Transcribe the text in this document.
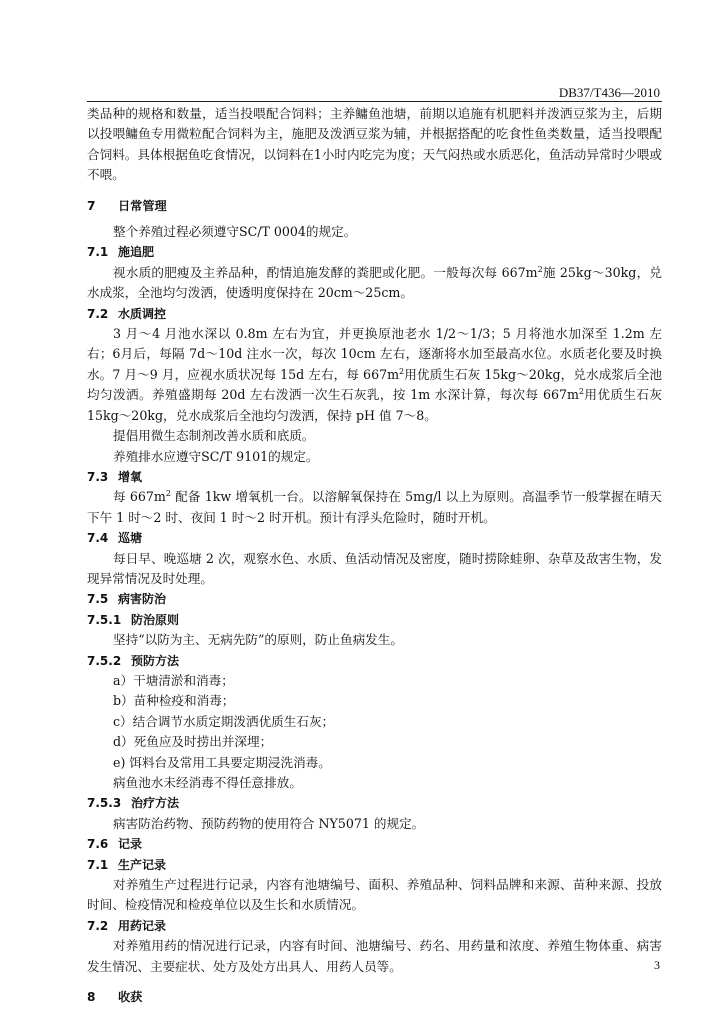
DB37/T436—2010

类品种的规格和数量，适当投喂配合饲料；主养鳙鱼池塘，前期以追施有机肥料并泼洒豆浆为主，后期以投喂鳙鱼专用微粒配合饲料为主，施肥及泼洒豆浆为辅，并根据搭配的吃食性鱼类数量，适当投喂配合饲料。具体根据鱼吃食情况，以饲料在1小时内吃完为度；天气闷热或水质恶化，鱼活动异常时少喂或不喂。

7 日常管理

整个养殖过程必须遵守SC/T 0004的规定。

7.1 施追肥

视水质的肥瘦及主养品种，酌情追施发酵的粪肥或化肥。一般每次每 $667m^2$施 25kg～30kg，兑水成浆，全池均匀泼洒，使透明度保持在 20cm～25cm。

7.2 水质调控

3 月～4 月池水深以 0.8m 左右为宜，并更换原池老水 1/2～1/3；5 月将池水加深至 1.2m 左右；6月后，每隔 7d～10d 注水一次，每次 10cm 左右，逐渐将水加至最高水位。水质老化要及时换水。7 月～9 月，应视水质状况每 15d 左右，每 $667m^2$用优质生石灰 15kg～20kg，兑水成浆后全池均匀泼洒。养殖盛期每 20d 左右泼洒一次生石灰乳，按 1m 水深计算，每次每 $667m^2$用优质生石灰 15kg～20kg，兑水成浆后全池均匀泼洒，保持 pH 值 7～8。

提倡用微生态制剂改善水质和底质。

养殖排水应遵守SC/T 9101的规定。

7.3 增氧

每 $667m^2$ 配备 1kw 增氧机一台。以溶解氧保持在 5mg/l 以上为原则。高温季节一般掌握在晴天下午 1 时～2 时、夜间 1 时～2 时开机。预计有浮头危险时，随时开机。

7.4 巡塘

每日早、晚巡塘 2 次，观察水色、水质、鱼活动情况及密度，随时捞除蛙卵、杂草及敌害生物，发现异常情况及时处理。

7.5 病害防治
7.5.1 防治原则

坚持“以防为主、无病先防”的原则，防止鱼病发生。

7.5.2 预防方法

a）干塘清淤和消毒；

b）苗种检疫和消毒；

c）结合调节水质定期泼洒优质生石灰；

d）死鱼应及时捞出并深埋；

e) 饵料台及常用工具要定期浸洗消毒。

病鱼池水未经消毒不得任意排放。

7.5.3 治疗方法

病害防治药物、预防药物的使用符合 NY5071 的规定。

7.6 记录
7.1 生产记录

对养殖生产过程进行记录，内容有池塘编号、面积、养殖品种、饲料品牌和来源、苗种来源、投放时间、检疫情况和检疫单位以及生长和水质情况。

7.2 用药记录

对养殖用药的情况进行记录，内容有时间、池塘编号、药名、用药量和浓度、养殖生物体重、病害发生情况、主要症状、处方及处方出具人、用药人员等。

8 收获
3
